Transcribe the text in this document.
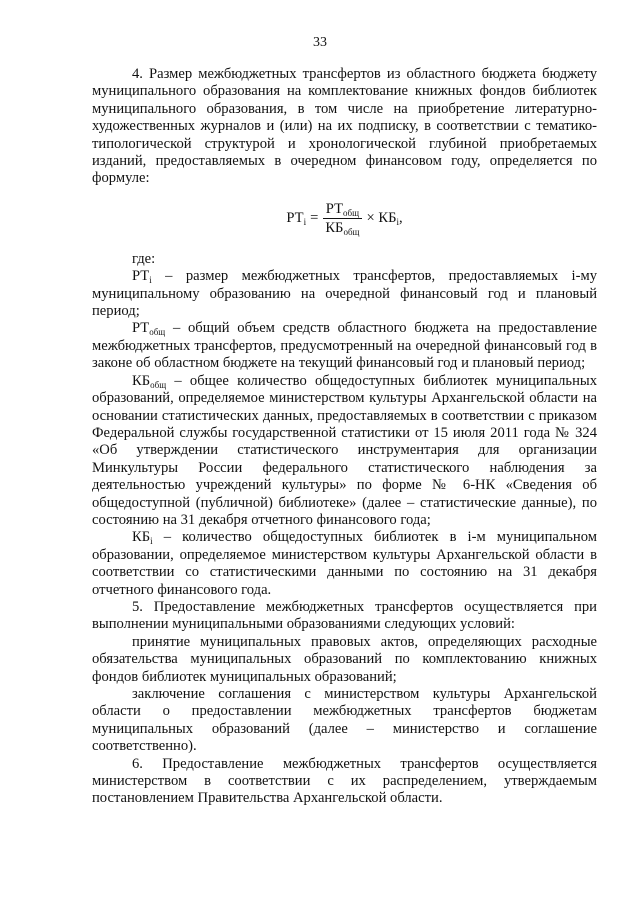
33

4. Размер межбюджетных трансфертов из областного бюджета бюджету муниципального образования на комплектование книжных фондов библиотек муниципального образования, в том числе на приобретение литературно-художественных журналов и (или) на их подписку, в соответствии с тематико-типологической структурой и хронологической глубиной приобретаемых изданий, предоставляемых в очередном финансовом году, определяется по формуле:

$РТ_i = \frac{РТ_{общ}}{КБ_{общ}} \times КБ_i$,

где:

$РТ_i$ – размер межбюджетных трансфертов, предоставляемых i-му муниципальному образованию на очередной финансовый год и плановый период;

$РТ_{общ}$ – общий объем средств областного бюджета на предоставление межбюджетных трансфертов, предусмотренный на очередной финансовый год в законе об областном бюджете на текущий финансовый год и плановый период;

$КБ_{общ}$ – общее количество общедоступных библиотек муниципальных образований, определяемое министерством культуры Архангельской области на основании статистических данных, предоставляемых в соответствии с приказом Федеральной службы государственной статистики от 15 июля 2011 года № 324 «Об утверждении статистического инструментария для организации Минкультуры России федерального статистического наблюдения за деятельностью учреждений культуры» по форме № 6-НК «Сведения об общедоступной (публичной) библиотеке» (далее – статистические данные), по состоянию на 31 декабря отчетного финансового года;

$КБ_i$ – количество общедоступных библиотек в i-м муниципальном образовании, определяемое министерством культуры Архангельской области в соответствии со статистическими данными по состоянию на 31 декабря отчетного финансового года.

5. Предоставление межбюджетных трансфертов осуществляется при выполнении муниципальными образованиями следующих условий:

принятие муниципальных правовых актов, определяющих расходные обязательства муниципальных образований по комплектованию книжных фондов библиотек муниципальных образований;

заключение соглашения с министерством культуры Архангельской области о предоставлении межбюджетных трансфертов бюджетам муниципальных образований (далее – министерство и соглашение соответственно).

6. Предоставление межбюджетных трансфертов осуществляется министерством в соответствии с их распределением, утверждаемым постановлением Правительства Архангельской области.
